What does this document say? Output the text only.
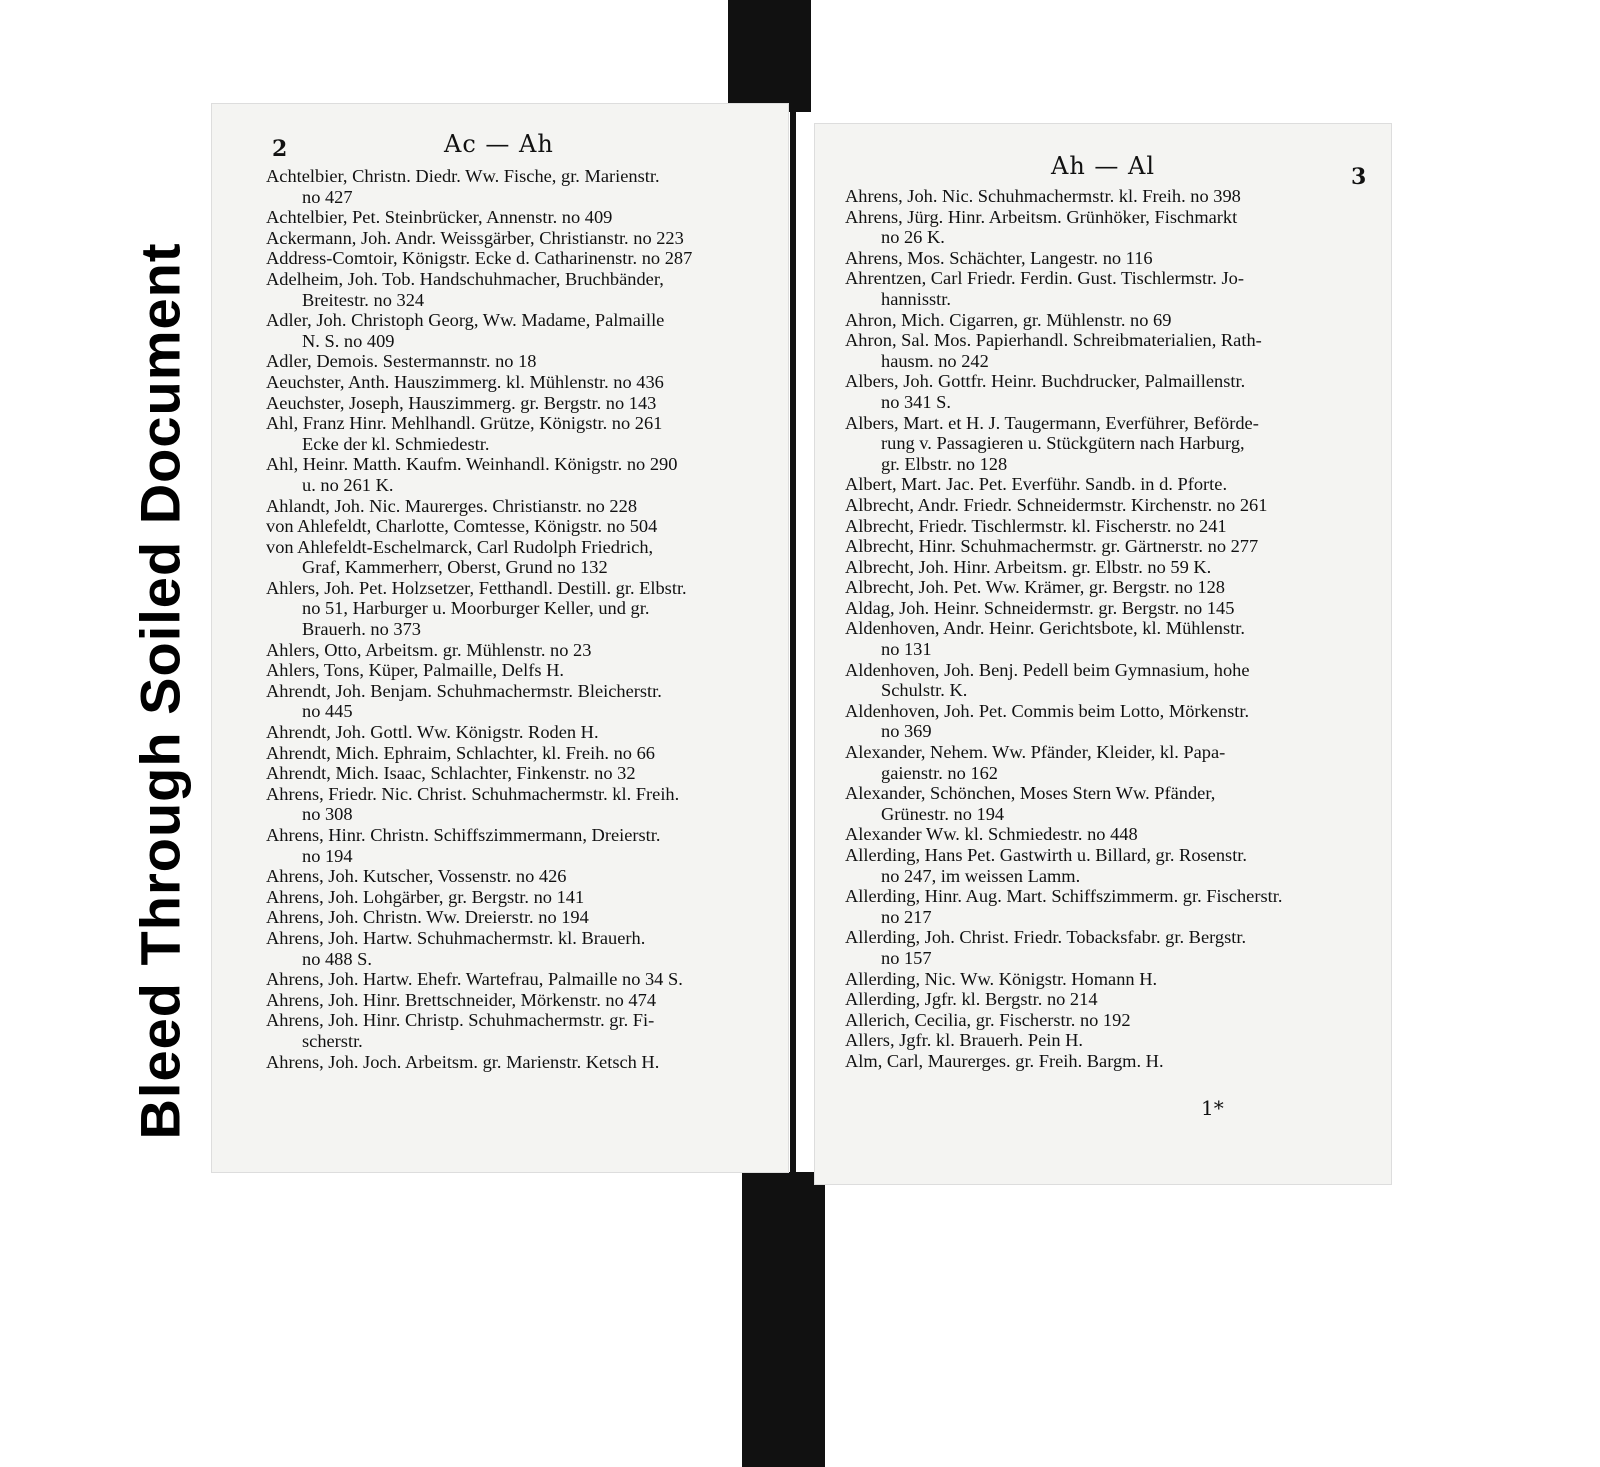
Bleed Through Soiled Document
2	Ac — Ah
Achtelbier, Christn. Diedr. Ww. Fische, gr. Marienstr.
no 427
Achtelbier, Pet. Steinbrücker, Annenstr. no 409
Ackermann, Joh. Andr. Weissgärber, Christianstr. no 223
Address-Comtoir, Königstr. Ecke d. Catharinenstr. no 287
Adelheim, Joh. Tob. Handschuhmacher, Bruchbänder,
Breitestr. no 324
Adler, Joh. Christoph Georg, Ww. Madame, Palmaille
N. S. no 409
Adler, Demois. Sestermannstr. no 18
Aeuchster, Anth. Hauszimmerg. kl. Mühlenstr. no 436
Aeuchster, Joseph, Hauszimmerg. gr. Bergstr. no 143
Ahl, Franz Hinr. Mehlhandl. Grütze, Königstr. no 261
Ecke der kl. Schmiedestr.
Ahl, Heinr. Matth. Kaufm. Weinhandl. Königstr. no 290
u. no 261 K.
Ahlandt, Joh. Nic. Maurerges. Christianstr. no 228
von Ahlefeldt, Charlotte, Comtesse, Königstr. no 504
von Ahlefeldt-Eschelmarck, Carl Rudolph Friedrich,
Graf, Kammerherr, Oberst, Grund no 132
Ahlers, Joh. Pet. Holzsetzer, Fetthandl. Destill. gr. Elbstr.
no 51, Harburger u. Moorburger Keller, und gr.
Brauerh. no 373
Ahlers, Otto, Arbeitsm. gr. Mühlenstr. no 23
Ahlers, Tons, Küper, Palmaille, Delfs H.
Ahrendt, Joh. Benjam. Schuhmachermstr. Bleicherstr.
no 445
Ahrendt, Joh. Gottl. Ww. Königstr. Roden H.
Ahrendt, Mich. Ephraim, Schlachter, kl. Freih. no 66
Ahrendt, Mich. Isaac, Schlachter, Finkenstr. no 32
Ahrens, Friedr. Nic. Christ. Schuhmachermstr. kl. Freih.
no 308
Ahrens, Hinr. Christn. Schiffszimmermann, Dreierstr.
no 194
Ahrens, Joh. Kutscher, Vossenstr. no 426
Ahrens, Joh. Lohgärber, gr. Bergstr. no 141
Ahrens, Joh. Christn. Ww. Dreierstr. no 194
Ahrens, Joh. Hartw. Schuhmachermstr. kl. Brauerh.
no 488 S.
Ahrens, Joh. Hartw. Ehefr. Wartefrau, Palmaille no 34 S.
Ahrens, Joh. Hinr. Brettschneider, Mörkenstr. no 474
Ahrens, Joh. Hinr. Christp. Schuhmachermstr. gr. Fi-
scherstr.
Ahrens, Joh. Joch. Arbeitsm. gr. Marienstr. Ketsch H.
Ah — Al	3
Ahrens, Joh. Nic. Schuhmachermstr. kl. Freih. no 398
Ahrens, Jürg. Hinr. Arbeitsm. Grünhöker, Fischmarkt
no 26 K.
Ahrens, Mos. Schächter, Langestr. no 116
Ahrentzen, Carl Friedr. Ferdin. Gust. Tischlermstr. Jo-
hannisstr.
Ahron, Mich. Cigarren, gr. Mühlenstr. no 69
Ahron, Sal. Mos. Papierhandl. Schreibmaterialien, Rath-
hausm. no 242
Albers, Joh. Gottfr. Heinr. Buchdrucker, Palmaillenstr.
no 341 S.
Albers, Mart. et H. J. Taugermann, Everführer, Beförde-
rung v. Passagieren u. Stückgütern nach Harburg,
gr. Elbstr. no 128
Albert, Mart. Jac. Pet. Everführ. Sandb. in d. Pforte.
Albrecht, Andr. Friedr. Schneidermstr. Kirchenstr. no 261
Albrecht, Friedr. Tischlermstr. kl. Fischerstr. no 241
Albrecht, Hinr. Schuhmachermstr. gr. Gärtnerstr. no 277
Albrecht, Joh. Hinr. Arbeitsm. gr. Elbstr. no 59 K.
Albrecht, Joh. Pet. Ww. Krämer, gr. Bergstr. no 128
Aldag, Joh. Heinr. Schneidermstr. gr. Bergstr. no 145
Aldenhoven, Andr. Heinr. Gerichtsbote, kl. Mühlenstr.
no 131
Aldenhoven, Joh. Benj. Pedell beim Gymnasium, hohe
Schulstr. K.
Aldenhoven, Joh. Pet. Commis beim Lotto, Mörkenstr.
no 369
Alexander, Nehem. Ww. Pfänder, Kleider, kl. Papa-
gaienstr. no 162
Alexander, Schönchen, Moses Stern Ww. Pfänder,
Grünestr. no 194
Alexander Ww. kl. Schmiedestr. no 448
Allerding, Hans Pet. Gastwirth u. Billard, gr. Rosenstr.
no 247, im weissen Lamm.
Allerding, Hinr. Aug. Mart. Schiffszimmerm. gr. Fischerstr.
no 217
Allerding, Joh. Christ. Friedr. Tobacksfabr. gr. Bergstr.
no 157
Allerding, Nic. Ww. Königstr. Homann H.
Allerding, Jgfr. kl. Bergstr. no 214
Allerich, Cecilia, gr. Fischerstr. no 192
Allers, Jgfr. kl. Brauerh. Pein H.
Alm, Carl, Maurerges. gr. Freih. Bargm. H.
1*
